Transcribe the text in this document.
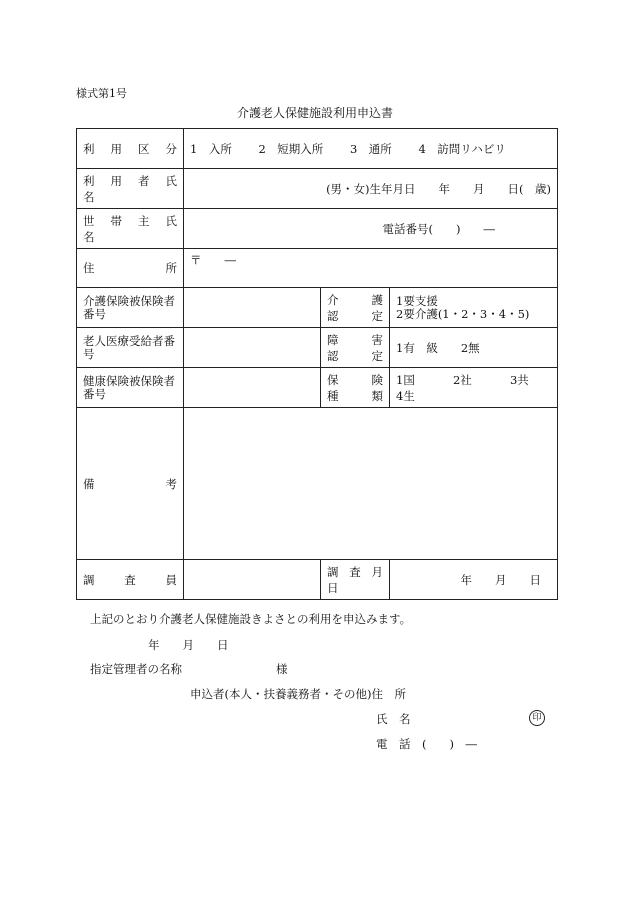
様式第1号
介護老人保健施設利用申込書
利　用　区　分	1　入所　　 2　短期入所　　 3　通所　　 4　訪問リハビリ		
利　用　者　氏　名	(男・女)生年月日　　年　　月　　日(　歳)		
世　帯　主　氏　名	電話番号(　　)　　―		
住　　　　所	〒　　―		
介護保険被保険者番号		介　護　認　定	1要支援
2要介護(1・2・3・4・5)

老人医療受給者番号		障　害　認　定	1有　級　　2無
健康保険被保険者番号		保　険　種　類	1国　　　 2社　　　 3共　　　 4生
備　　　　　考			
調　　査　　員		調 査 月 日	年　　月　　日
上記のとおり介護老人保健施設きよさとの利用を申込みます。
年　　月　　日
指定管理者の名称	様
申込者(本人・扶養義務者・その他)住　所
氏　名	印
電　話　(　　)　―
